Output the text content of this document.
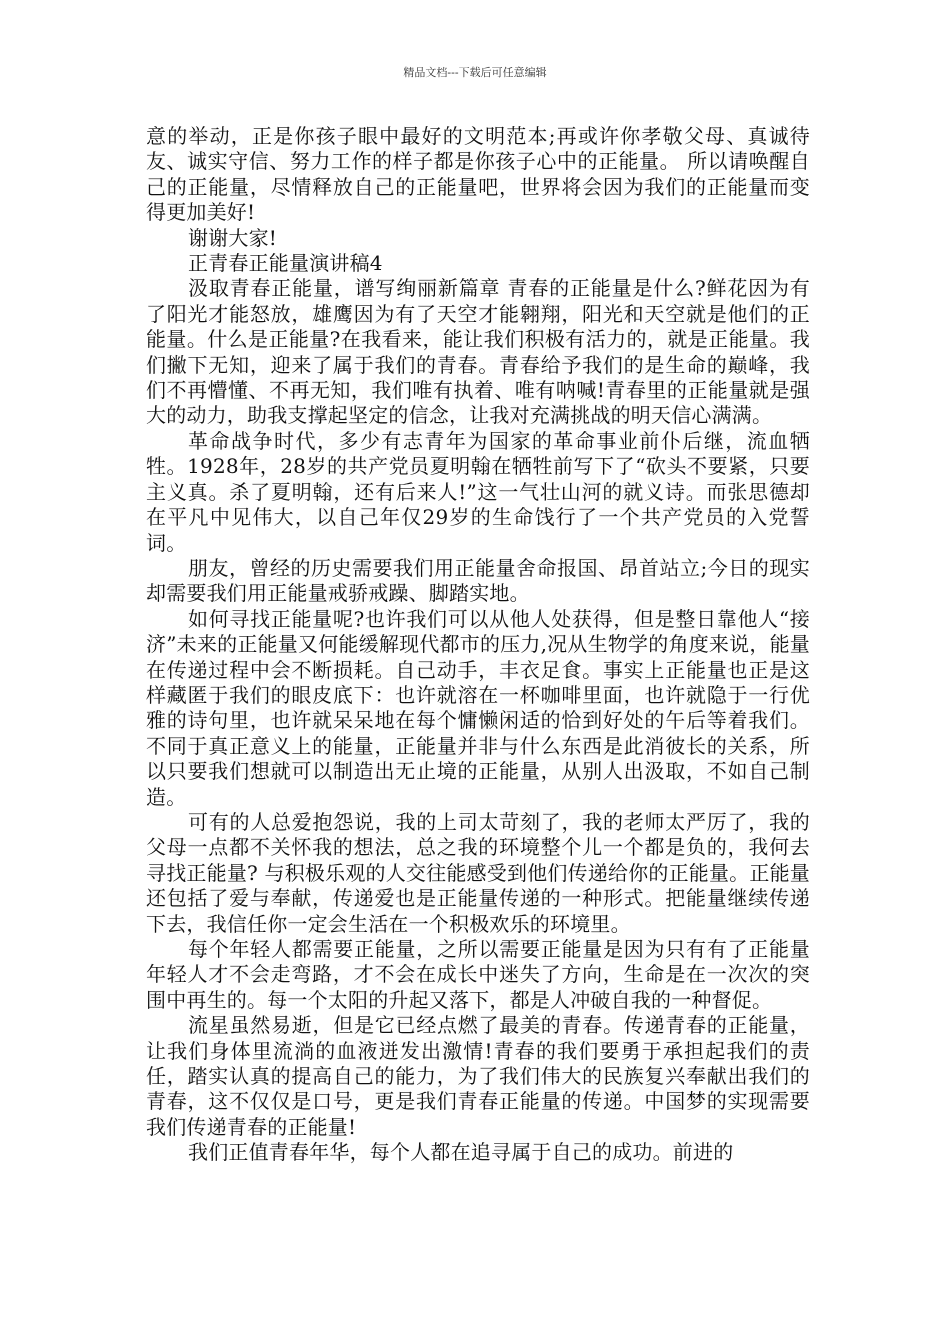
精品文档---下载后可任意编辑

意的举动，正是你孩子眼中最好的文明范本;再或许你孝敬父母、真诚待友、诚实守信、努力工作的样子都是你孩子心中的正能量。 所以请唤醒自己的正能量，尽情释放自己的正能量吧，世界将会因为我们的正能量而变得更加美好!

谢谢大家!

正青春正能量演讲稿4

汲取青春正能量，谱写绚丽新篇章 青春的正能量是什么?鲜花因为有了阳光才能怒放，雄鹰因为有了天空才能翱翔，阳光和天空就是他们的正能量。什么是正能量?在我看来，能让我们积极有活力的，就是正能量。我们撇下无知，迎来了属于我们的青春。青春给予我们的是生命的巅峰，我们不再懵懂、不再无知，我们唯有执着、唯有呐喊!青春里的正能量就是强大的动力，助我支撑起坚定的信念，让我对充满挑战的明天信心满满。

革命战争时代，多少有志青年为国家的革命事业前仆后继，流血牺牲。1928年，28岁的共产党员夏明翰在牺牲前写下了“砍头不要紧，只要主义真。杀了夏明翰，还有后来人!”这一气壮山河的就义诗。而张思德却在平凡中见伟大，以自己年仅29岁的生命饯行了一个共产党员的入党誓词。

朋友，曾经的历史需要我们用正能量舍命报国、昂首站立;今日的现实却需要我们用正能量戒骄戒躁、脚踏实地。

如何寻找正能量呢?也许我们可以从他人处获得，但是整日靠他人“接济”未来的正能量又何能缓解现代都市的压力,况从生物学的角度来说，能量在传递过程中会不断损耗。自己动手，丰衣足食。事实上正能量也正是这样藏匿于我们的眼皮底下：也许就溶在一杯咖啡里面，也许就隐于一行优雅的诗句里，也许就呆呆地在每个慵懒闲适的恰到好处的午后等着我们。不同于真正意义上的能量，正能量并非与什么东西是此消彼长的关系，所以只要我们想就可以制造出无止境的正能量，从别人出汲取，不如自己制造。

可有的人总爱抱怨说，我的上司太苛刻了，我的老师太严厉了，我的父母一点都不关怀我的想法，总之我的环境整个儿一个都是负的，我何去寻找正能量? 与积极乐观的人交往能感受到他们传递给你的正能量。正能量还包括了爱与奉献，传递爱也是正能量传递的一种形式。把能量继续传递下去，我信任你一定会生活在一个积极欢乐的环境里。

每个年轻人都需要正能量，之所以需要正能量是因为只有有了正能量年轻人才不会走弯路，才不会在成长中迷失了方向，生命是在一次次的突围中再生的。每一个太阳的升起又落下，都是人冲破自我的一种督促。

流星虽然易逝，但是它已经点燃了最美的青春。传递青春的正能量，让我们身体里流淌的血液迸发出激情!青春的我们要勇于承担起我们的责任，踏实认真的提高自己的能力，为了我们伟大的民族复兴奉献出我们的青春，这不仅仅是口号，更是我们青春正能量的传递。中国梦的实现需要我们传递青春的正能量!

我们正值青春年华，每个人都在追寻属于自己的成功。前进的
